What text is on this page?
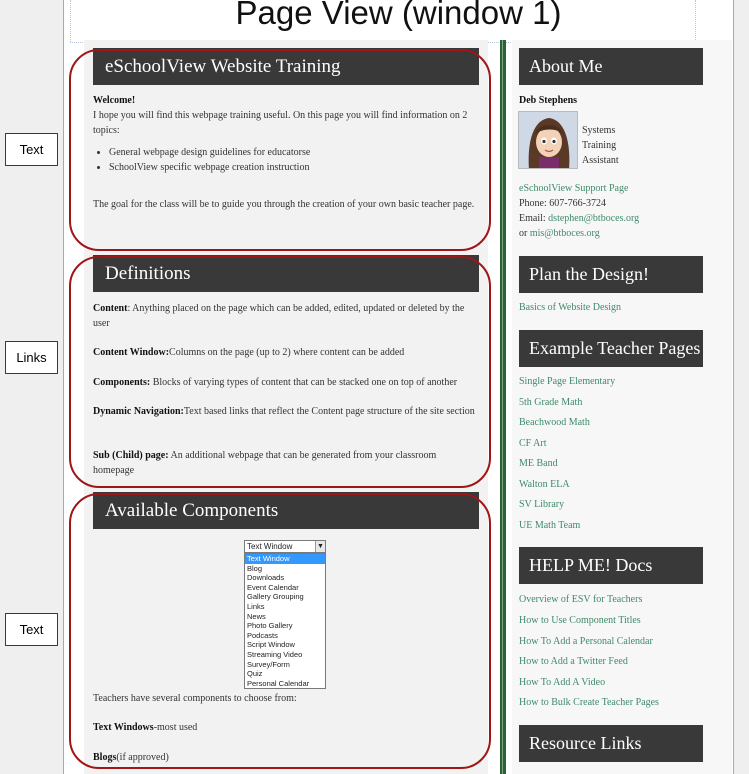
Text
Links
Text
Page View (window 1)
eSchoolView Website Training
Welcome!
I hope you will find this webpage training useful. On this page you will find information on 2 topics:
• General webpage design guidelines for educatorse
• SchoolView specific webpage creation instruction
The goal for the class will be to guide you through the creation of your own basic teacher page.
Definitions
Content: Anything placed on the page which can be added, edited, updated or deleted by the user
Content Window:Columns on the page (up to 2) where content can be added
Components: Blocks of varying types of content that can be stacked one on top of another
Dynamic Navigation:Text based links that reflect the Content page structure of the site section
Sub (Child) page: An additional webpage that can be generated from your classroom homepage
Available Components
Text Window	▼
Text Window
Blog
Downloads
Event Calendar
Gallery Grouping
Links
News
Photo Gallery
Podcasts
Script Window
Streaming Video
Survey/Form
Quiz
Personal Calendar
Teachers have several components to choose from:
Text Windows-most used
Blogs(if approved)
About Me
Deb Stephens
Systems
Training
Assistant
eSchoolView Support Page
Phone: 607-766-3724
Email: dstephen@btboces.org
or mis@btboces.org
Plan the Design!
Basics of Website Design
Example Teacher Pages
Single Page Elementary
5th Grade Math
Beachwood Math
CF Art
ME Band
Walton ELA
SV Library
UE Math Team
HELP ME! Docs
Overview of ESV for Teachers
How to Use Component Titles
How To Add a Personal Calendar
How to Add a Twitter Feed
How To Add A Video
How to Bulk Create Teacher Pages
Resource Links
